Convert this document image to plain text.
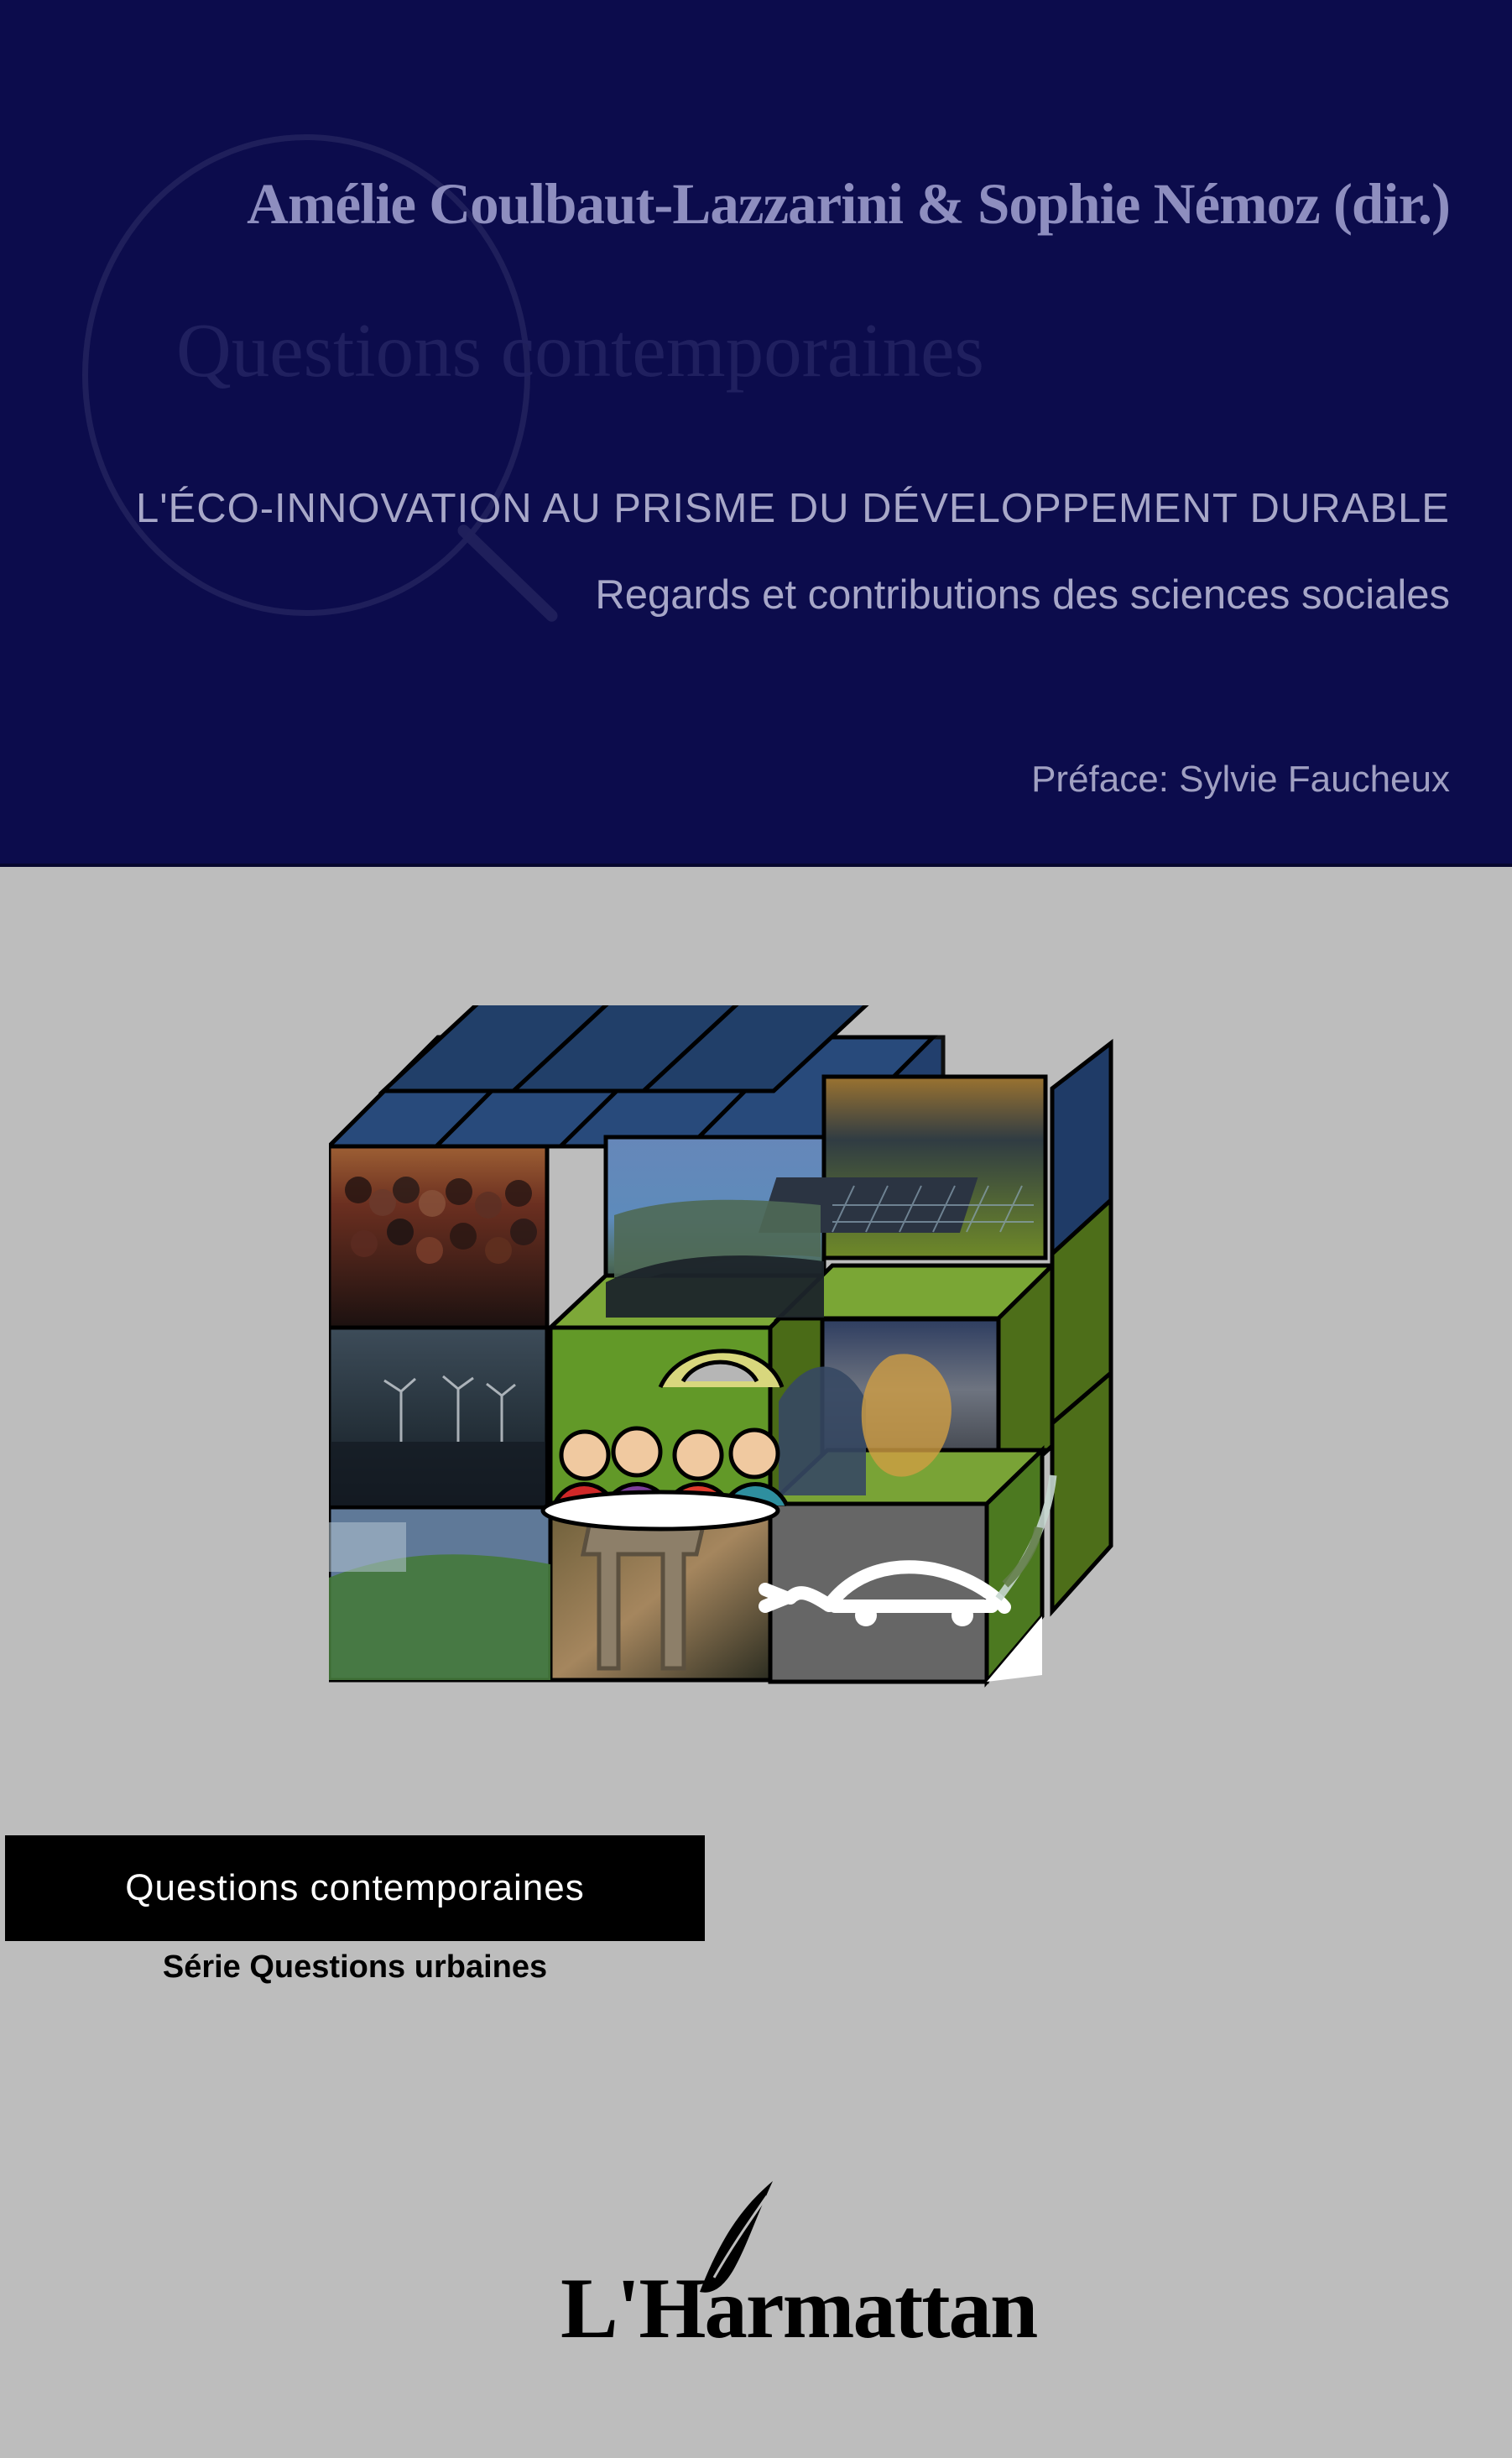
Questions contemporaines

Amélie Coulbaut-Lazzarini & Sophie Némoz (dir.)
L'ÉCO-INNOVATION AU PRISME DU DÉVELOPPEMENT DURABLE

Regards et contributions des sciences sociales

Préface: Sylvie Faucheux

Questions contemporaines

Série Questions urbaines

L'Harmattan
